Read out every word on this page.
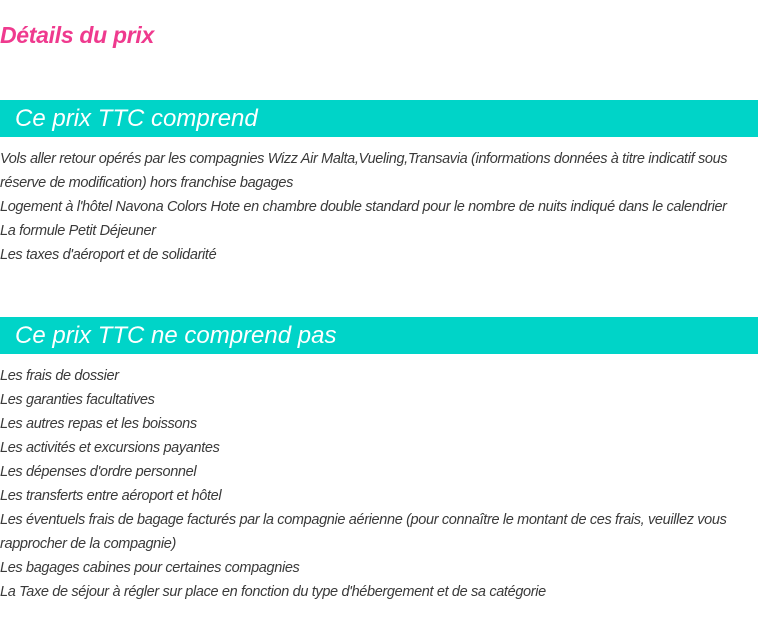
Détails du prix
Ce prix TTC comprend
Vols aller retour opérés par les compagnies Wizz Air Malta,Vueling,Transavia (informations données à titre indicatif sous réserve de modification) hors franchise bagages
Logement à l'hôtel Navona Colors Hote en chambre double standard pour le nombre de nuits indiqué dans le calendrier
La formule Petit Déjeuner
Les taxes d'aéroport et de solidarité
Ce prix TTC ne comprend pas
Les frais de dossier
Les garanties facultatives
Les autres repas et les boissons
Les activités et excursions payantes
Les dépenses d'ordre personnel
Les transferts entre aéroport et hôtel
Les éventuels frais de bagage facturés par la compagnie aérienne (pour connaître le montant de ces frais, veuillez vous rapprocher de la compagnie)
Les bagages cabines pour certaines compagnies
La Taxe de séjour à régler sur place en fonction du type d'hébergement et de sa catégorie
